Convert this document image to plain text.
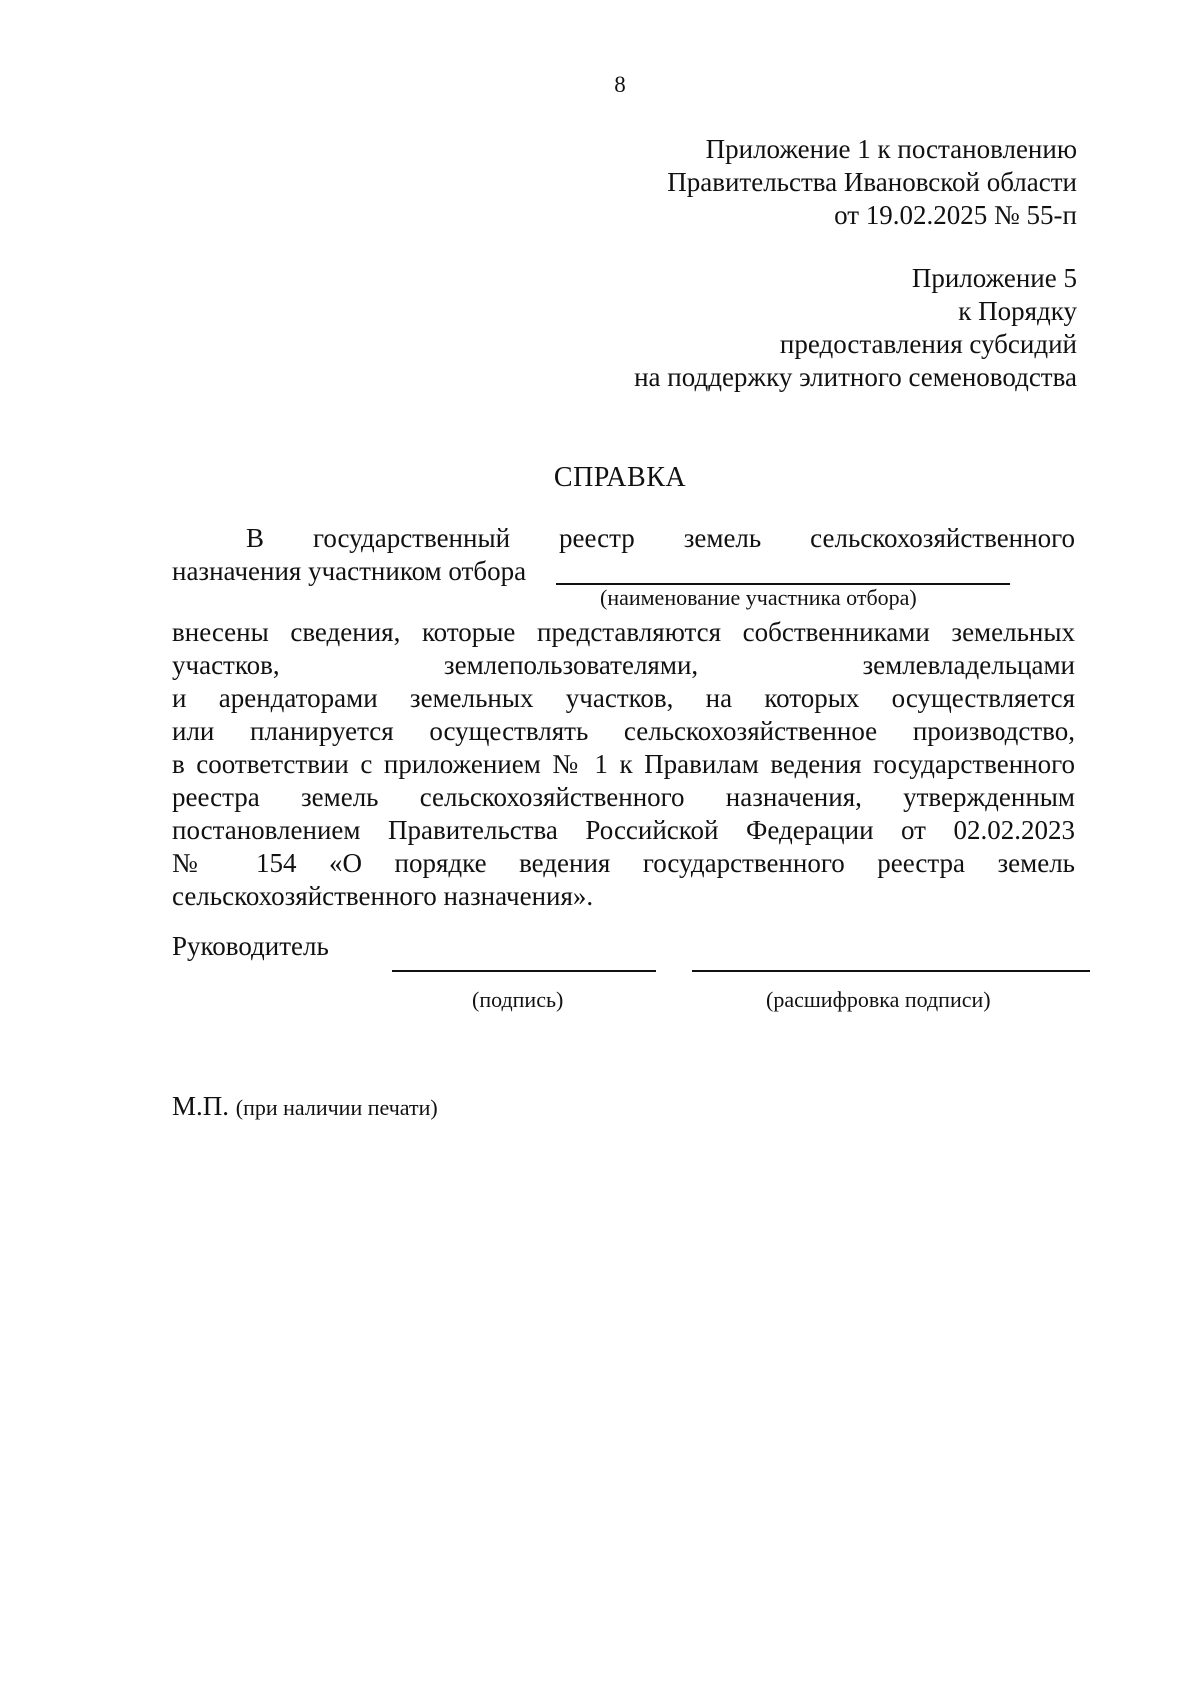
8
Приложение 1 к постановлению
Правительства Ивановской области
от 19.02.2025 № 55-п
Приложение 5
к Порядку
предоставления субсидий
на поддержку элитного семеноводства
СПРАВКА
В государственный реестр земель сельскохозяйственного
назначения участником отбора
(наименование участника отбора)
внесены сведения, которые представляются собственниками земельных
участков, землепользователями, землевладельцами
и арендаторами земельных участков, на которых осуществляется
или планируется осуществлять сельскохозяйственное производство,
в соответствии с приложением № 1 к Правилам ведения государственного
реестра земель сельскохозяйственного назначения, утвержденным
постановлением Правительства Российской Федерации от 02.02.2023
№ 154 «О порядке ведения государственного реестра земель
сельскохозяйственного назначения».
Руководитель
(подпись)	(расшифровка подписи)
М.П. (при наличии печати)
